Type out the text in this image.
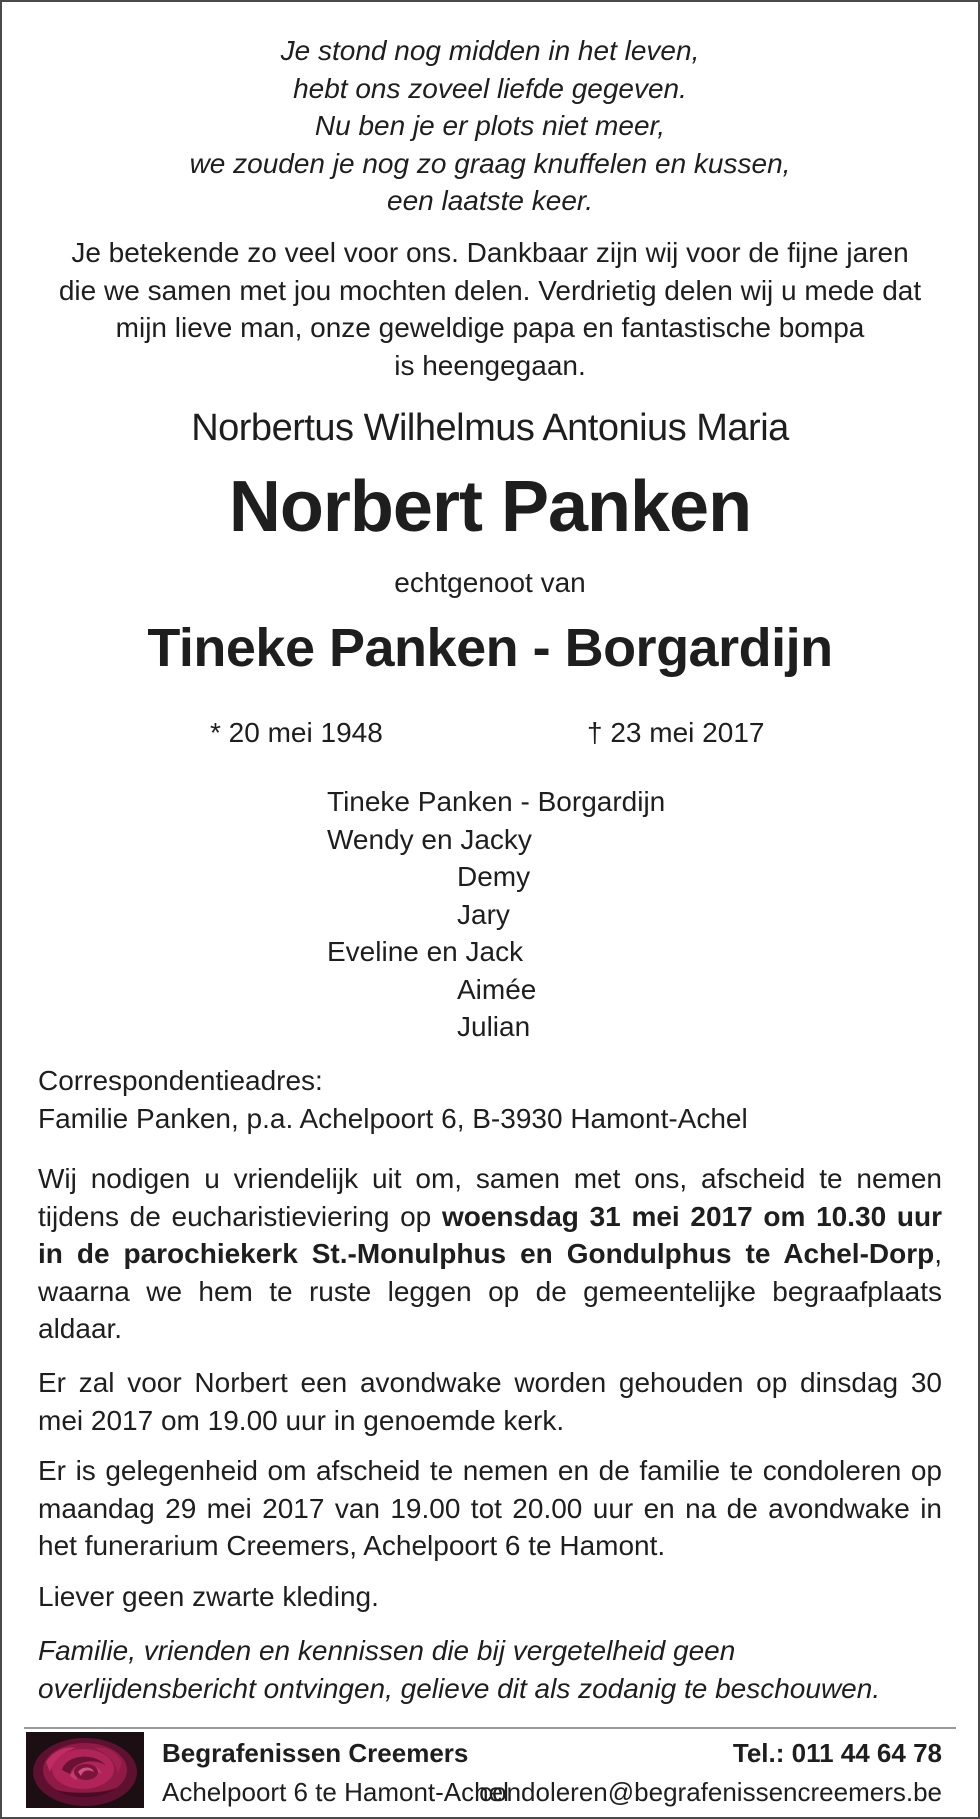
Je stond nog midden in het leven,
hebt ons zoveel liefde gegeven.
Nu ben je er plots niet meer,
we zouden je nog zo graag knuffelen en kussen,
een laatste keer.
Je betekende zo veel voor ons. Dankbaar zijn wij voor de fijne jaren
die we samen met jou mochten delen. Verdrietig delen wij u mede dat
mijn lieve man, onze geweldige papa en fantastische bompa
is heengegaan.
Norbertus Wilhelmus Antonius Maria
Norbert Panken
echtgenoot van
Tineke Panken - Borgardijn
* 20 mei 1948	† 23 mei 2017
Tineke Panken - Borgardijn
Wendy en Jacky
Demy
Jary
Eveline en Jack
Aimée
Julian
Correspondentieadres:
Familie Panken, p.a. Achelpoort 6, B-3930 Hamont-Achel
Wij nodigen u vriendelijk uit om, samen met ons, afscheid te nemen tijdens de eucharistieviering op woensdag 31 mei 2017 om 10.30 uur in de parochiekerk St.-Monulphus en Gondulphus te Achel-Dorp, waarna we hem te ruste leggen op de gemeentelijke begraafplaats aldaar.
Er zal voor Norbert een avondwake worden gehouden op dinsdag 30 mei 2017 om 19.00 uur in genoemde kerk.
Er is gelegenheid om afscheid te nemen en de familie te condoleren op maandag 29 mei 2017 van 19.00 tot 20.00 uur en na de avondwake in het funerarium Creemers, Achelpoort 6 te Hamont.
Liever geen zwarte kleding.
Familie, vrienden en kennissen die bij vergetelheid geen overlijdensbericht ontvingen, gelieve dit als zodanig te beschouwen.
Begrafenissen Creemers
Achelpoort 6 te Hamont-Achel
Tel.: 011 44 64 78
condoleren@begrafenissencreemers.be
